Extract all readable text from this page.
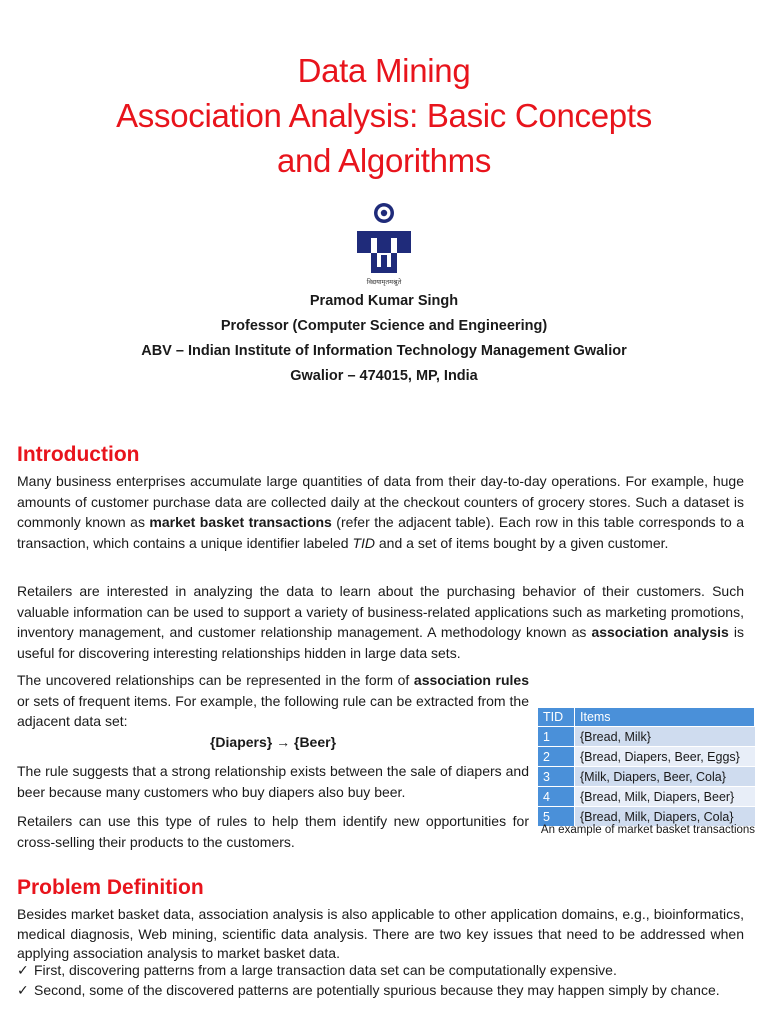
Data Mining
Association Analysis: Basic Concepts
and Algorithms
विद्ययामृतमश्नुते
Pramod Kumar Singh
Professor (Computer Science and Engineering)
ABV – Indian Institute of Information Technology Management Gwalior
Gwalior – 474015, MP, India
Introduction

Many business enterprises accumulate large quantities of data from their day-to-day operations. For example, huge amounts of customer purchase data are collected daily at the checkout counters of grocery stores. Such a dataset is commonly known as market basket transactions (refer the adjacent table). Each row in this table corresponds to a transaction, which contains a unique identifier labeled TID and a set of items bought by a given customer.

Retailers are interested in analyzing the data to learn about the purchasing behavior of their customers. Such valuable information can be used to support a variety of business-related applications such as marketing promotions, inventory management, and customer relationship management. A methodology known as association analysis is useful for discovering interesting relationships hidden in large data sets.

The uncovered relationships can be represented in the form of association rules or sets of frequent items. For example, the following rule can be extracted from the adjacent data set:

{Diapers} → {Beer}

The rule suggests that a strong relationship exists between the sale of diapers and beer because many customers who buy diapers also buy beer.

Retailers can use this type of rules to help them identify new opportunities for cross-selling their products to the customers.

TID	Items
1	{Bread, Milk}
2	{Bread, Diapers, Beer, Eggs}
3	{Milk, Diapers, Beer, Cola}
4	{Bread, Milk, Diapers, Beer}
5	{Bread, Milk, Diapers, Cola}
An example of market basket transactions
Problem Definition

Besides market basket data, association analysis is also applicable to other application domains, e.g., bioinformatics, medical diagnosis, Web mining, scientific data analysis. There are two key issues that need to be addressed when applying association analysis to market basket data.

✓ First, discovering patterns from a large transaction data set can be computationally expensive.
✓ Second, some of the discovered patterns are potentially spurious because they may happen simply by chance.
